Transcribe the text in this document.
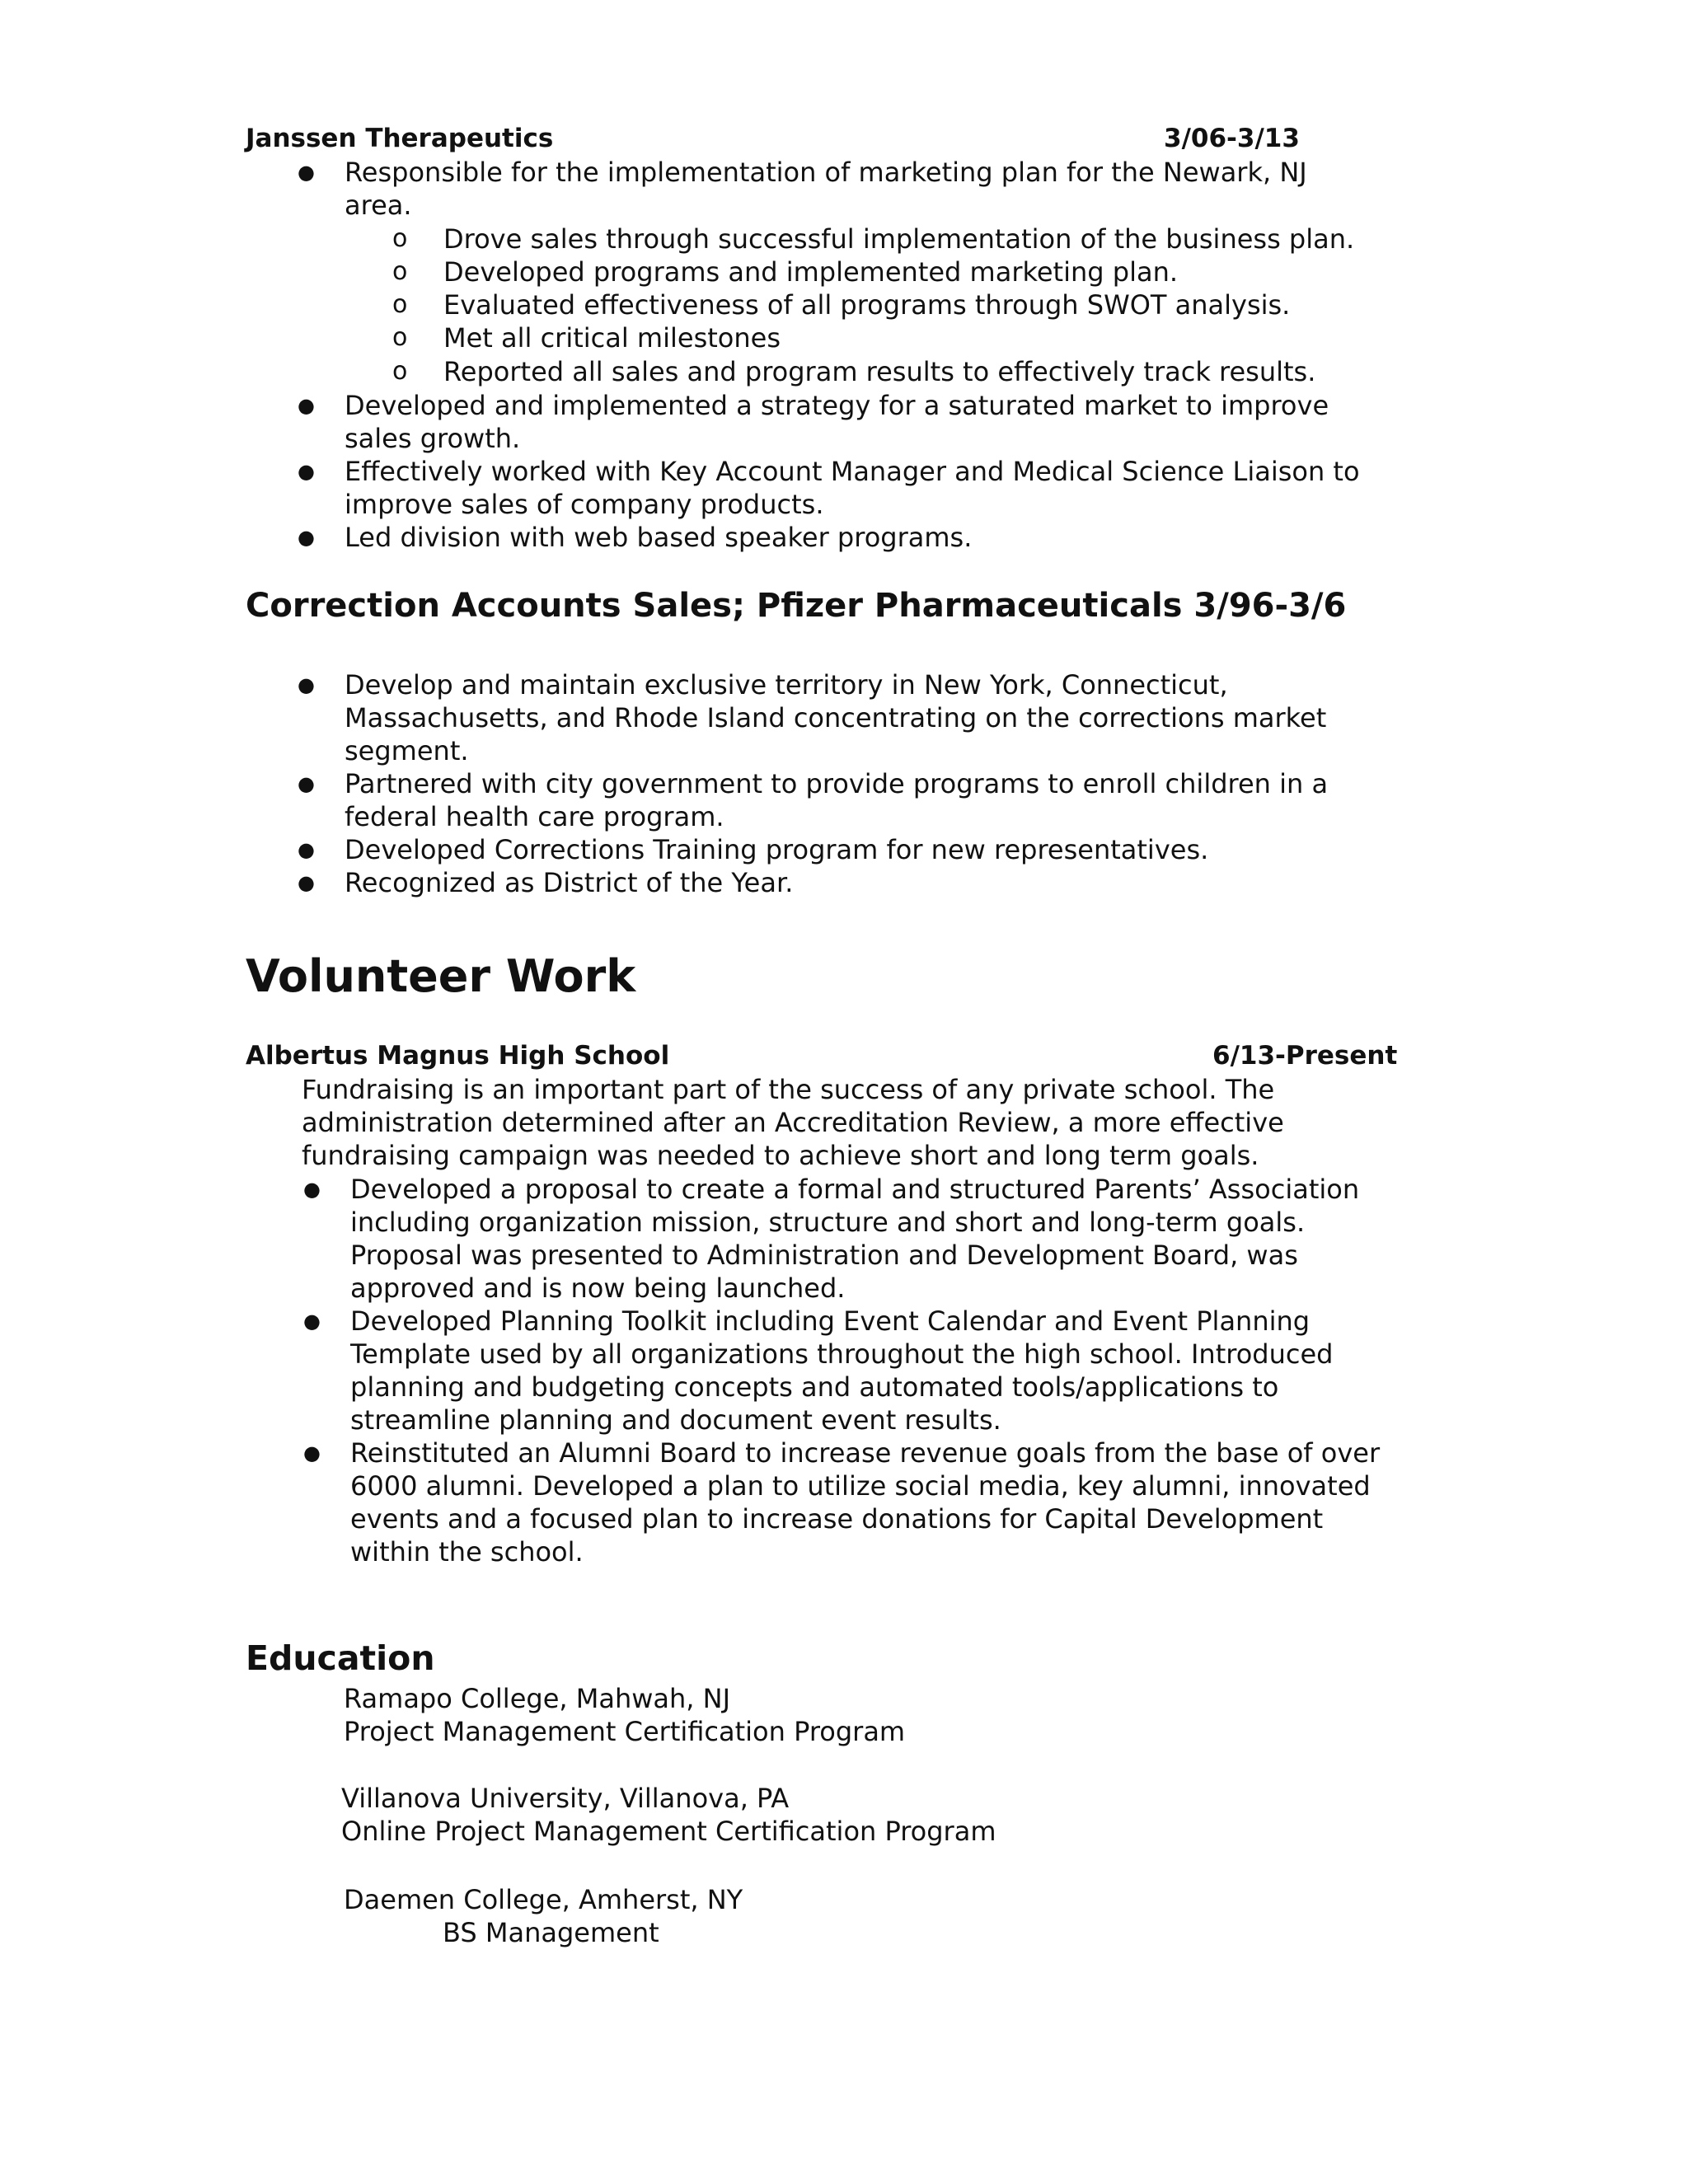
Janssen Therapeutics	3/06-3/13
● Responsible for the implementation of marketing plan for the Newark, NJ
area.
o Drove sales through successful implementation of the business plan.
o Developed programs and implemented marketing plan.
o Evaluated effectiveness of all programs through SWOT analysis.
o Met all critical milestones
o Reported all sales and program results to effectively track results.
● Developed and implemented a strategy for a saturated market to improve
sales growth.
● Effectively worked with Key Account Manager and Medical Science Liaison to
improve sales of company products.
● Led division with web based speaker programs.
Correction Accounts Sales; Pfizer Pharmaceuticals 3/96-3/6
● Develop and maintain exclusive territory in New York, Connecticut,
Massachusetts, and Rhode Island concentrating on the corrections market
segment.
● Partnered with city government to provide programs to enroll children in a
federal health care program.
● Developed Corrections Training program for new representatives.
● Recognized as District of the Year.
Volunteer Work
Albertus Magnus High School	6/13-Present
Fundraising is an important part of the success of any private school. The
administration determined after an Accreditation Review, a more effective
fundraising campaign was needed to achieve short and long term goals.
● Developed a proposal to create a formal and structured Parents’ Association
including organization mission, structure and short and long-term goals.
Proposal was presented to Administration and Development Board, was
approved and is now being launched.
● Developed Planning Toolkit including Event Calendar and Event Planning
Template used by all organizations throughout the high school. Introduced
planning and budgeting concepts and automated tools/applications to
streamline planning and document event results.
● Reinstituted an Alumni Board to increase revenue goals from the base of over
6000 alumni. Developed a plan to utilize social media, key alumni, innovated
events and a focused plan to increase donations for Capital Development
within the school.
Education
Ramapo College, Mahwah, NJ
Project Management Certification Program
Villanova University, Villanova, PA
Online Project Management Certification Program
Daemen College, Amherst, NY
BS Management
